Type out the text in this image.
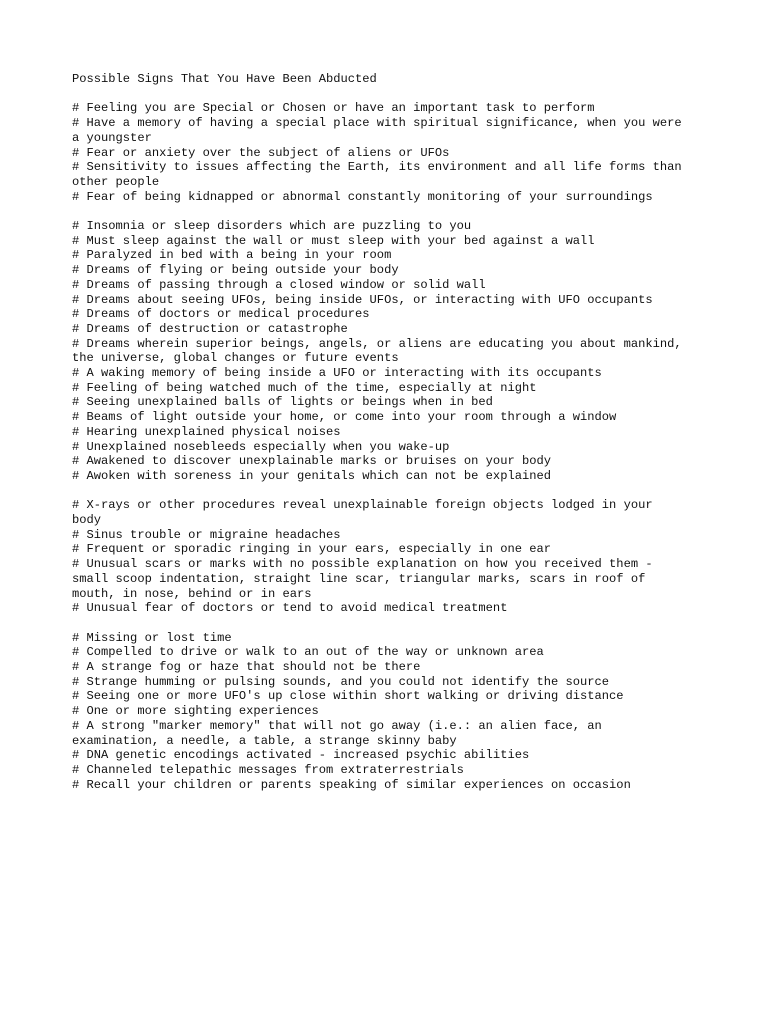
Possible Signs That You Have Been Abducted
# Feeling you are Special or Chosen or have an important task to perform
# Have a memory of having a special place with spiritual significance, when you were a youngster
# Fear or anxiety over the subject of aliens or UFOs
# Sensitivity to issues affecting the Earth, its environment and all life forms than other people
# Fear of being kidnapped or abnormal constantly monitoring of your surroundings
# Insomnia or sleep disorders which are puzzling to you
# Must sleep against the wall or must sleep with your bed against a wall
# Paralyzed in bed with a being in your room
# Dreams of flying or being outside your body
# Dreams of passing through a closed window or solid wall
# Dreams about seeing UFOs, being inside UFOs, or interacting with UFO occupants
# Dreams of doctors or medical procedures
# Dreams of destruction or catastrophe
# Dreams wherein superior beings, angels, or aliens are educating you about mankind, the universe, global changes or future events
# A waking memory of being inside a UFO or interacting with its occupants
# Feeling of being watched much of the time, especially at night
# Seeing unexplained balls of lights or beings when in bed
# Beams of light outside your home, or come into your room through a window
# Hearing unexplained physical noises
# Unexplained nosebleeds especially when you wake-up
# Awakened to discover unexplainable marks or bruises on your body
# Awoken with soreness in your genitals which can not be explained
# X-rays or other procedures reveal unexplainable foreign objects lodged in your body
# Sinus trouble or migraine headaches
# Frequent or sporadic ringing in your ears, especially in one ear
# Unusual scars or marks with no possible explanation on how you received them - small scoop indentation, straight line scar, triangular marks, scars in roof of mouth, in nose, behind or in ears
# Unusual fear of doctors or tend to avoid medical treatment
# Missing or lost time
# Compelled to drive or walk to an out of the way or unknown area
# A strange fog or haze that should not be there
# Strange humming or pulsing sounds, and you could not identify the source
# Seeing one or more UFO's up close within short walking or driving distance
# One or more sighting experiences
# A strong "marker memory" that will not go away (i.e.: an alien face, an examination, a needle, a table, a strange skinny baby
# DNA genetic encodings activated - increased psychic abilities
# Channeled telepathic messages from extraterrestrials
# Recall your children or parents speaking of similar experiences on occasion
